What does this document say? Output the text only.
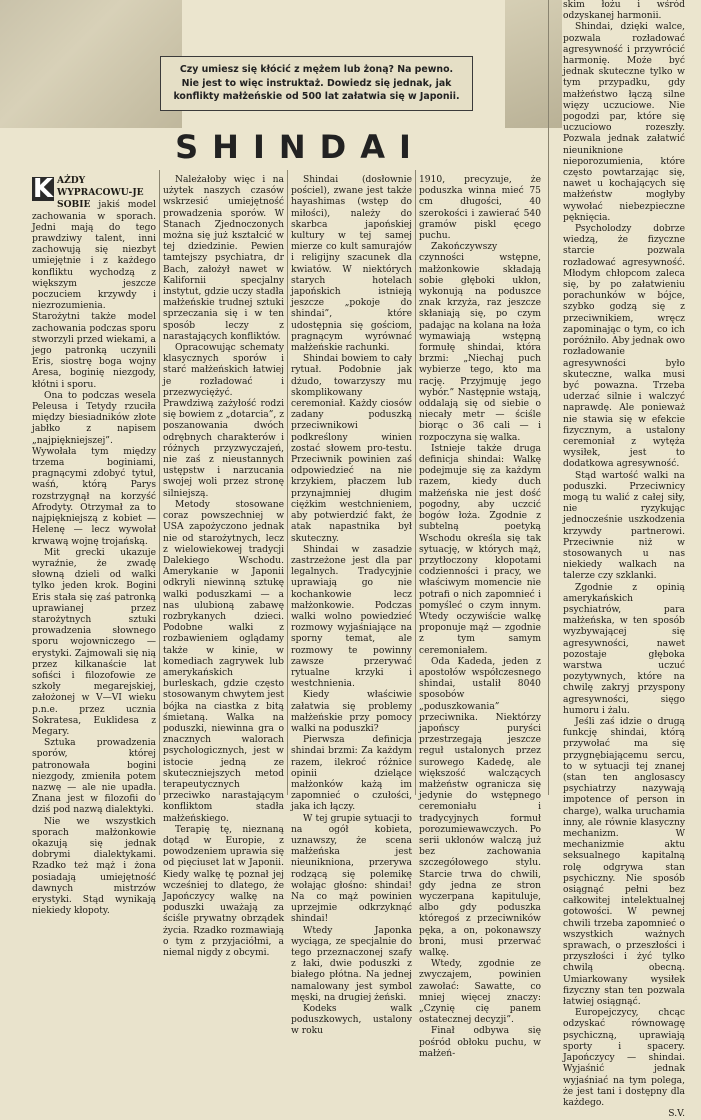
Czy umiesz się kłócić z mężem lub żoną? Na pewno.
Nie jest to więc instruktaż. Dowiedz się jednak, jak
konflikty małżeńskie od 500 lat załatwia się w Japonii.
SHINDAI

K AŻDY WYPRACOWU-JE SOBIE jakiś model zachowania w sporach. Jedni mają do tego prawdziwy talent, inni zachowują się niezbyt umiejętnie i z każdego konfliktu wychodzą z większym jeszcze poczuciem krzywdy i niezrozumienia. Starożytni także model zachowania podczas sporu stworzyli przed wiekami, a jego patronką uczynili Eris, siostrę boga wojny Aresa, boginię niezgody, kłótni i sporu.

Ona to podczas wesela Peleusa i Tetydy rzuciła między biesiadników złote jabłko z napisem „najpiękniejszej”. Wywołała tym między trzema boginiami, pragnącymi zdobyć tytuł, waśń, którą Parys rozstrzygnął na korzyść Afrodyty. Otrzymał za to najpiękniejszą z kobiet — Helenę — lecz wywołał krwawą wojnę trojańską.

Mit grecki ukazuje wyraźnie, że zwadę słowną dzieli od walki tylko jeden krok. Bogini Eris stała się zaś patronką uprawianej przez starożytnych sztuki prowadzenia słownego sporu wojowniczego — erystyki. Zajmowali się nią przez kilkanaście lat sofiści i filozofowie ze szkoły megarejskiej, założonej w V—VI wieku p.n.e. przez ucznia Sokratesa, Euklidesa z Megary.

Sztuka prowadzenia sporów, której patronowała bogini niezgody, zmieniła potem nazwę — ale nie upadła. Znana jest w filozofii do dziś pod nazwą dialektyki.

Nie we wszystkich sporach małżonkowie okazują się jednak dobrymi dialektykami. Rzadko też mąż i żona posiadają umiejętność dawnych mistrzów erystyki. Stąd wynikają niekiedy kłopoty.

Należałoby więc i na użytek naszych czasów wskrzesić umiejętność prowadzenia sporów. W Stanach Zjednoczonych można się już kształcić w tej dziedzinie. Pewien tamtejszy psychiatra, dr Bach, założył nawet w Kalifornii specjalny instytut, gdzie uczy stadła małżeńskie trudnej sztuki sprzeczania się i w ten sposób leczy z narastających konfliktów.

Opracowując schematy klasycznych sporów i starć małżeńskich łatwiej je rozładować i przezwyciężyć. Prawdziwą zażyłość rodzi się bowiem z „dotarcia”, z poszanowania dwóch odrębnych charakterów i różnych przyzwyczajeń, nie zaś z nieustannych ustępstw i narzucania swojej woli przez stronę silniejszą.

Metody stosowane coraz powszechniej w USA zapożyczono jednak nie od starożytnych, lecz z wielowiekowej tradycji Dalekiego Wschodu. Amerykanie w Japonii odkryli niewinną sztukę walki poduszkami — a nas ulubioną zabawę rozbrykanych dzieci. Podobne walki z rozbawieniem oglądamy także w kinie, w komediach zagrywek lub amerykańskich burleskach, gdzie często stosowanym chwytem jest bójka na ciastka z bitą śmietaną. Walka na poduszki, niewinna gra o znacznych walorach psychologicznych, jest w istocie jedną ze skuteczniejszych metod terapeutycznych przeciwko narastającym konfliktom stadła małżeńskiego.

Terapię tę, nieznaną dotąd w Europie, z powodzeniem uprawia się od pięciuset lat w Japonii. Kiedy walkę tę poznał jej wcześniej to dlatego, że Japończycy walkę na poduszki uważają za ściśle prywatny obrządek życia. Rzadko rozmawiają o tym z przyjaciółmi, a niemal nigdy z obcymi.

Shindai (dosłownie pościel), zwane jest także hayashimas (wstęp do miłości), należy do skarbca japońskiej kultury w tej samej mierze co kult samurajów i religijny szacunek dla kwiatów. W niektórych starych hotelach japońskich istnieją jeszcze „pokoje do shindai”, które udostępnia się gościom, pragnącym wyrównać małżeńskie rachunki.

Shindai bowiem to cały rytuał. Podobnie jak dżudo, towarzyszy mu skomplikowany ceremoniał. Każdy ciosów zadany poduszką przeciwnikowi podkreślony winien zostać słowem pro-testu. Przeciwnik powinien zaś odpowiedzieć na nie krzykiem, płaczem lub przynajmniej długim ciężkim westchnieniem, aby potwierdzić fakt, że atak napastnika był skuteczny.

Shindai w zasadzie zastrzeżone jest dla par legalnych. Tradycyjnie uprawiają go nie kochankowie lecz małżonkowie. Podczas walki wolno powiedzieć rozmowy wyjaśniające na sporny temat, ale rozmowy te powinny zawsze przerywać rytualne krzyki i westchnienia.

Kiedy właściwie załatwia się problemy małżeńskie przy pomocy walki na poduszki?

Pierwsza definicja shindai brzmi: Za każdym razem, ilekroć różnice opinii dzielące małżonków każą im zapomnieć o czułości, jaka ich łączy.

W tej grupie sytuacji to na ogół kobieta, uznawszy, że scena małżeńska jest nieunikniona, przerywa rodzącą się polemikę wołając głośno: shindai! Na co mąż powinien uprzejmie odkrzyknąć shindai!

Wtedy Japonka wyciąga, ze specjalnie do tego przeznaczonej szafy z łaki, dwie poduszki z białego płótna. Na jednej namalowany jest symbol męski, na drugiej żeński.

Kodeks walk poduszkowych, ustalony w roku

1910, precyzuje, że poduszka winna mieć 75 cm długości, 40 szerokości i zawierać 540 gramów piskl ęcego puchu.

Zakończywszy czynności wstępne, małżonkowie składają sobie głęboki ukłon, wykonują na poduszce znak krzyża, raz jeszcze skłaniają się, po czym padając na kolana na łoża wymawiają wstępną formułę shindai, która brzmi: „Niechaj puch wybierze tego, kto ma rację. Przyjmuję jego wybór.” Następnie wstają, oddalają się od siebie o niecały metr — ściśle biorąc o 36 cali — i rozpoczyna się walka.

Istnieje także druga definicja shindai: Walkę podejmuje się za każdym razem, kiedy duch małżeńska nie jest dość pogodny, aby uczcić bogów łoża. Zgodnie z subtelną poetyką Wschodu określa się tak sytuację, w których mąż, przytłoczony kłopotami codzienności i pracy, we właściwym momencie nie potrafi o nich zapomnieć i pomyśleć o czym innym. Wtedy oczywiście walkę proponuje mąż — zgodnie z tym samym ceremoniałem.

Oda Kadeda, jeden z apostołów współczesnego shindai, ustalił 8040 sposobów „poduszkowania” przeciwnika. Niektórzy japońscy puryści przestrzegają jeszcze reguł ustalonych przez surowego Kadedę, ale większość walczących małżeństw ogranicza się jedynie do wstępnego ceremoniału i tradycyjnych formuł porozumiewawczych. Po serii ukłonów walczą już bez zachowania szczegółowego stylu. Starcie trwa do chwili, gdy jedna ze stron wyczerpana kapituluje, albo gdy poduszka któregoś z przeciwników pęka, a on, pokonawszy broni, musi przerwać walkę.

Wtedy, zgodnie ze zwyczajem, powinien zawołać: Sawatte, co mniej więcej znaczy: „Czynię cię panem ostatecznej decyzji”.

Finał odbywa się pośród obłoku puchu, w małżeń-

skim łożu i wśród odzyskanej harmonii.

Shindai, dzięki walce, pozwala rozładować agresywność i przywrócić harmonię. Może być jednak skuteczne tylko w tym przypadku, gdy małżeństwo łączą silne więzy uczuciowe. Nie pogodzi par, które się uczuciowo rozeszły. Pozwala jednak załatwić nieuniknione nieporozumienia, które często powtarzając się, nawet u kochających się małżeństw mogłyby wywołać niebezpieczne pęknięcia.

Psycholodzy dobrze wiedzą, że fizyczne starcie pozwala rozładować agresywność. Młodym chłopcom zaleca się, by po załatwieniu porachunków w bójce, szybko godzą się z przeciwnikiem, wręcz zapominając o tym, co ich poróżniło. Aby jednak owo rozładowanie agresywności było skuteczne, walka musi być powazna. Trzeba uderzać silnie i walczyć naprawdę. Ale ponieważ nie stawia się w efekcie fizycznym, a ustalony ceremoniał z wytęża wysiłek, jest to dodatkowa agresywność.

Stąd wartość walki na poduszki. Przeciwnicy mogą tu walić z całej siły, nie ryzykując jednocześnie uszkodzenia krzywdy partnerowi. Przeciwnie niż w stosowanych u nas niekiedy walkach na talerze czy szklanki.

Zgodnie z opinią amerykańskich psychiatrów, para małżeńska, w ten sposób wyzbywającej się agresywności, nawet pozostaje głęboka warstwa uczuć pozytywnych, które na chwilę zakryj przyspony agresywności, sięgo humoru i żalu.

Jeśli zaś idzie o drugą funkcję shindai, którą przywołać ma się przygnębiającemu sercu, to w sytuacji tej znanej (stan ten anglosascy psychiatrzy nazywają impotence of person in charge), walka uruchamia inny, ale równie klasyczny mechanizm. W mechanizmie aktu seksualnego kapitalną rolę odgrywa stan psychiczny. Nie sposób osiągnąć pełni bez całkowitej intelektualnej gotowości. W pewnej chwili trzeba zapomnieć o wszystkich ważnych sprawach, o przeszłości i przyszłości i żyć tylko chwilą obecną. Umiarkowany wysiłek fizyczny stan ten pozwala łatwiej osiągnąć.

Europejczycy, chcąc odzyskać równowagę psychiczną, uprawiają sporty i spacery. Japończycy — shindai. Wyjaśnić jednak wyjaśniać na tym polega, że jest tani i dostępny dla każdego.

S.V.
